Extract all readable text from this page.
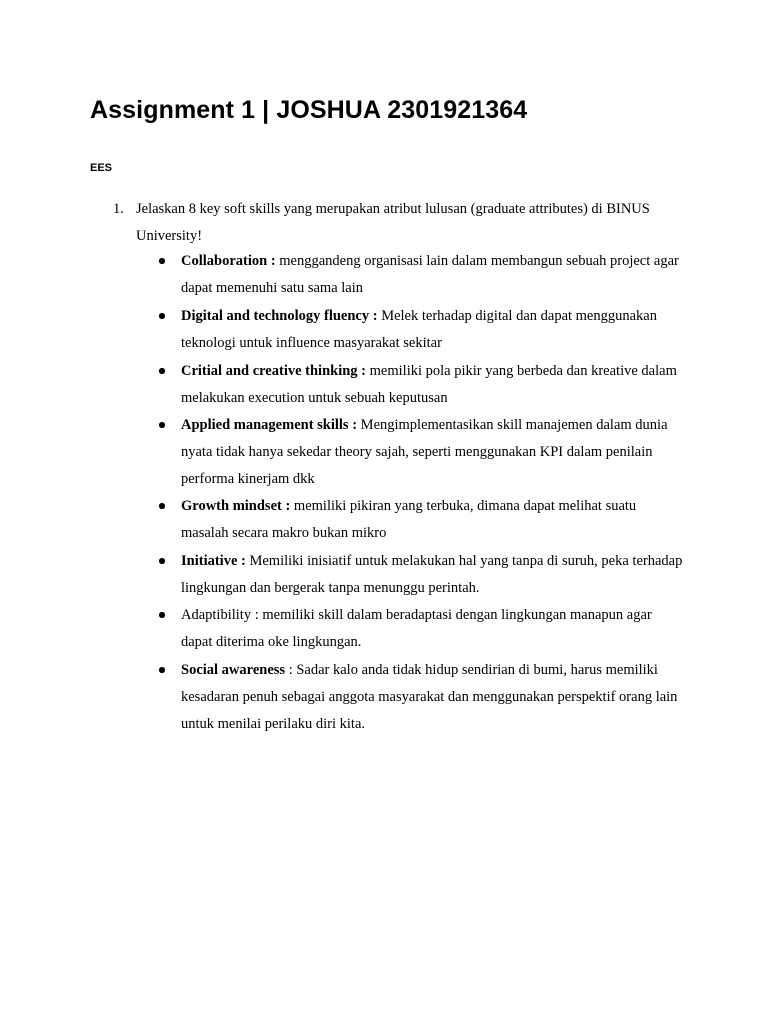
Assignment 1 | JOSHUA 2301921364
EES
1. Jelaskan 8 key soft skills yang merupakan atribut lulusan (graduate attributes) di BINUS University!
Collaboration : menggandeng organisasi lain dalam membangun sebuah project agar dapat memenuhi satu sama lain
Digital and technology fluency : Melek terhadap digital dan dapat menggunakan teknologi untuk influence masyarakat sekitar
Critial and creative thinking : memiliki pola pikir yang berbeda dan kreative dalam melakukan execution untuk sebuah keputusan
Applied management skills : Mengimplementasikan skill manajemen dalam dunia nyata tidak hanya sekedar theory sajah, seperti menggunakan KPI dalam penilain performa kinerjam dkk
Growth mindset : memiliki pikiran yang terbuka, dimana dapat melihat suatu masalah secara makro bukan mikro
Initiative : Memiliki inisiatif untuk melakukan hal yang tanpa di suruh, peka terhadap lingkungan dan bergerak tanpa menunggu perintah.
Adaptibility : memiliki skill dalam beradaptasi dengan lingkungan manapun agar dapat diterima oke lingkungan.
Social awareness : Sadar kalo anda tidak hidup sendirian di bumi, harus memiliki kesadaran penuh sebagai anggota masyarakat dan menggunakan perspektif orang lain untuk menilai perilaku diri kita.
